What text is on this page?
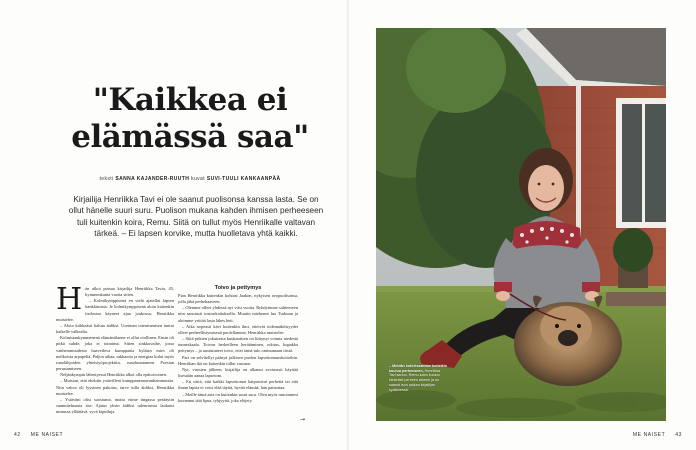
"Kaikkea ei
elämässä saa"
teksti SANNA KAJANDER-RUUTH kuvat SUVI-TUULI KANKAANPÄÄ

Kirjailija Henriikka Tavi ei ole saanut puolisonsa kanssa lasta. Se on ollut hänelle suuri suru. Puolison mukana kahden ihmisen perheeseen tuli kuitenkin koira, Remu. Siitä on tullut myös Henriikalle valtavan tärkeä. – Ei lapsen korvike, mutta huolletava yhtä kaikki.

H än alkoi puisua kirjailija Henriikka Tavia, 45, kymmenkunta vuotta sitten.

– Kolmikymppisenä en vielä ajatellut lapsen hankkimista. Je kolmikymppisenä aloin kuitenkin tiedostaa käyneet ajan joukossa, Henriikka muistelee.

– Aloin kiihkeästi haluta äidiksi. Useiman toteuttamisen tuntui kaikelle valkealta.

Kolmistaukymmenenä elämäntilanne ei ollut otollinen. Ensin oli pitkä suhde, joka ei toiminut. Sitten sinkkuvaihe, jossa vanhemmuudesta haaveileva kumppania kyläsin mies oli melkoista arpapeliä. Paljon aikaa, rakkautta ja energiaa kului myös runolähjoiden yhteistyöprojektiin, runoluuntaneen Poesian perustamiseen.

Neljänkympin lähestyessä Henriikka alkoi olla epätoivoinen.

– Muistan, että ehdotin ystävilleni kumppaneanavanhemmuutta. Niin vahva oli lyysinen pakotus, tarve tulla äidiksi, Henriikka muistelee.

– Ystäväni olisi suostunut, mutta viime tingassa perääytin suunnitelmasta itse. Ajatus yksin äidiksi tulemisesta laukaisi minussa ylläätävä, syvä kipuiluja.

Toivo ja pettymys

Pian Henriikka kuitenkin kohtasi Jaakon, nykyisen avopuolisonsa, jolla jäkä perhehaaveen.

– Olemme olleet yhdessä nyt viisi vuotta. Ryhdyimme saltteeseen niin sanotusti tosirarkoituksella. Muutin miehenni luo Turkuun ja aloimme yrittää lasta lähes heti.

– Aika nopeasti kävi kuitenkin ilmi, etteivät todennäköisyydet olleet perheellistymiseuä puolellamme, Henriikka muistelee.

– Siitä pitkien jokaisesta kuukautisen on liittynyt voimia niedestä tunneskaala. Toivon herkeilleen herätäminen, odotus, kupakka pettymys – ja uusiutuneet toivo, ettei tämä tulo ominumaan tiistä.

Pari on selvitellyt pääsyä julkisen puolen lapsettomuushoitoihin. Henriikan ikä on kuitenkin tullut vastaan.

Nyt, vuosien jälkeen, kirjailija on alkanut avoimesti käyttää lisesiään aanaa lapsetom.

– En väitä, että kaikki lapsettomat kaipaisivat perhettä tai että ilman lapsia ei voisi elää täyttä, hyvää elämää, hän painottaa.

– Meille tämä asia on kuitenkin suuri suru. Olen myös runotamesi kuvannut tätä lipsa, tyhjyyttä, joka elöjety.

→
42 ME NAISET
– Meidän kotirrissamme kotieläin kuuluu perheeseen, Henriikka Tavi sanoo. Remu-koira kuuluu kiinteästi perheen arkeen ja on saanut ison paikan kirjailijan sydämessä.
ME NAISET 43
